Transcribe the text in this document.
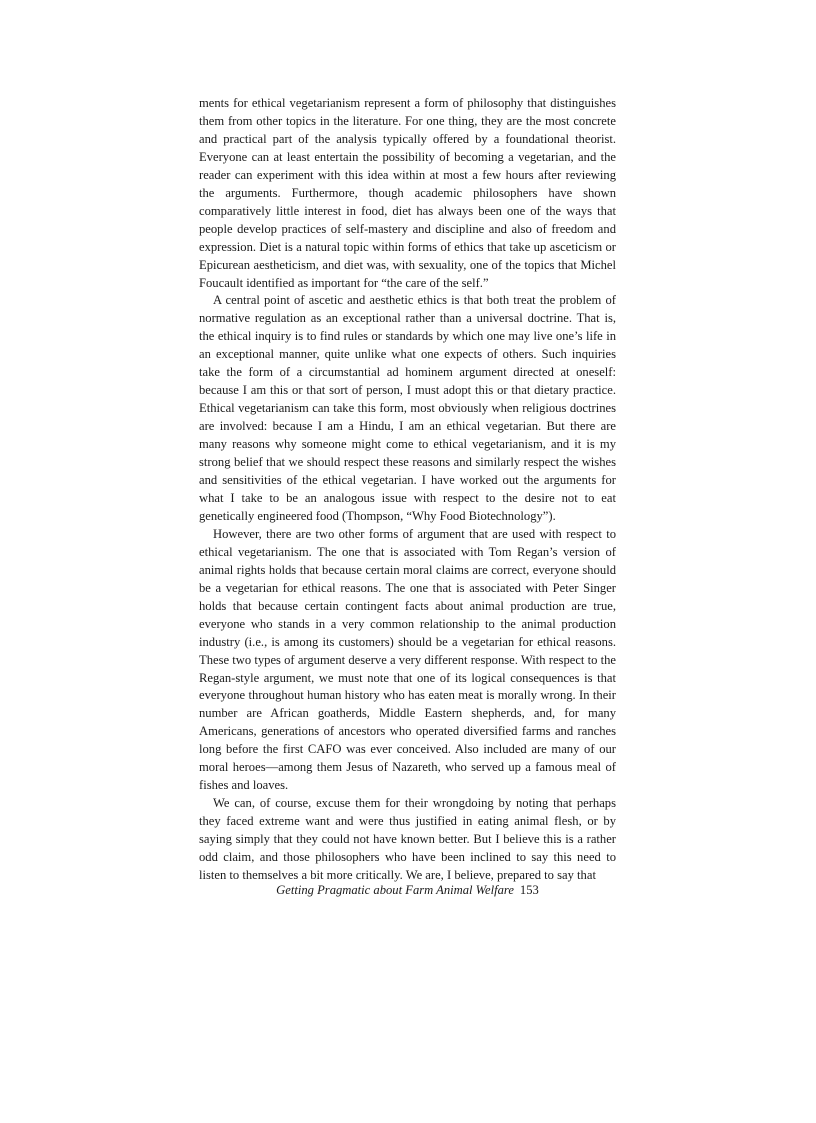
ments for ethical vegetarianism represent a form of philosophy that distinguishes them from other topics in the literature. For one thing, they are the most concrete and practical part of the analysis typically offered by a foundational theorist. Everyone can at least entertain the possibility of becoming a vegetarian, and the reader can experiment with this idea within at most a few hours after reviewing the arguments. Furthermore, though academic philosophers have shown comparatively little interest in food, diet has always been one of the ways that people develop practices of self-mastery and discipline and also of freedom and expression. Diet is a natural topic within forms of ethics that take up asceticism or Epicurean aestheticism, and diet was, with sexuality, one of the topics that Michel Foucault identified as important for “the care of the self.”

A central point of ascetic and aesthetic ethics is that both treat the problem of normative regulation as an exceptional rather than a universal doctrine. That is, the ethical inquiry is to find rules or standards by which one may live one’s life in an exceptional manner, quite unlike what one expects of others. Such inquiries take the form of a circumstantial ad hominem argument directed at oneself: because I am this or that sort of person, I must adopt this or that dietary practice. Ethical vegetarianism can take this form, most obviously when religious doctrines are involved: because I am a Hindu, I am an ethical vegetarian. But there are many reasons why someone might come to ethical vegetarianism, and it is my strong belief that we should respect these reasons and similarly respect the wishes and sensitivities of the ethical vegetarian. I have worked out the arguments for what I take to be an analogous issue with respect to the desire not to eat genetically engineered food (Thompson, “Why Food Biotechnology”).

However, there are two other forms of argument that are used with respect to ethical vegetarianism. The one that is associated with Tom Regan’s version of animal rights holds that because certain moral claims are correct, everyone should be a vegetarian for ethical reasons. The one that is associated with Peter Singer holds that because certain contingent facts about animal production are true, everyone who stands in a very common relationship to the animal production industry (i.e., is among its customers) should be a vegetarian for ethical reasons. These two types of argument deserve a very different response. With respect to the Regan-style argument, we must note that one of its logical consequences is that everyone throughout human history who has eaten meat is morally wrong. In their number are African goatherds, Middle Eastern shepherds, and, for many Americans, generations of ancestors who operated diversified farms and ranches long before the first CAFO was ever conceived. Also included are many of our moral heroes—among them Jesus of Nazareth, who served up a famous meal of fishes and loaves.

We can, of course, excuse them for their wrongdoing by noting that perhaps they faced extreme want and were thus justified in eating animal flesh, or by saying simply that they could not have known better. But I believe this is a rather odd claim, and those philosophers who have been inclined to say this need to listen to themselves a bit more critically. We are, I believe, prepared to say that

Getting Pragmatic about Farm Animal Welfare 153
